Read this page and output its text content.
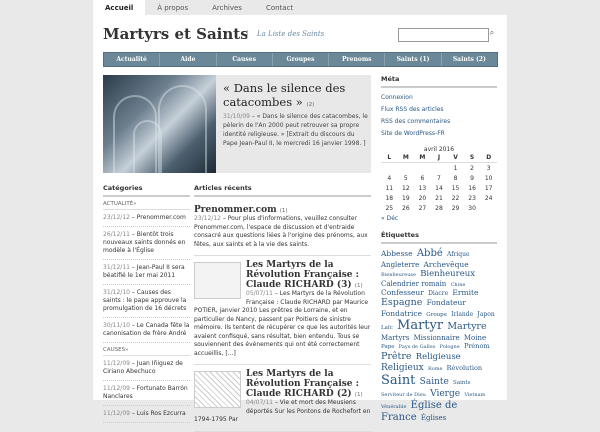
Accueil	À propos	Archives	Contact
Martyrs et Saints	La Liste des Saints	⌕
Actualité	Aide	Causes	Groupes	Prenoms	Saints (1)	Saints (2)
« Dans le silence des catacombes » (2)
31/10/09 – « Dans le silence des catacombes, le pèlerin de l'An 2000 peut retrouver sa propre identité religieuse. » [Extrait du discours du Pape Jean-Paul II, le mercredi 16 janvier 1998. ]
Méta
Connexion
Flux RSS des articles
RSS des commentaires
Site de WordPress-FR
avril 2016
L	M	M	J	V	S	D
				1	2	3
4	5	6	7	8	9	10
11	12	13	14	15	16	17
18	19	20	21	22	23	24
25	26	27	28	29	30	
« Déc
Étiquettes
Abbesse Abbé Afrique Angleterre Archevêque Bienheureuse Bienheureux Calendrier romain Chine Confesseur Diacre Ermite Espagne Fondateur Fondatrice Groupe Irlande Japon Laïc Martyr Martyre Martyrs Missionnaire Moine Pape Pays de Galles Pologne Prénom Prêtre Religieuse Religieux Rome Révolution Saint Sainte Saints Serviteur de Dieu Vierge Vietnam Vénérable Église de France Églises
Catégories
ACTUALITÉ»
23/12/12 – Prenommer.com
26/12/11 – Bientôt trois nouveaux saints donnés en modèle à l'Église
31/12/11 – Jean-Paul II sera béatifié le 1er mai 2011
31/12/10 – Causes des saints : le pape approuve la promulgation de 16 décrets
30/11/10 – Le Canada fête la canonisation de frère André
CAUSES»
11/12/09 – Juan Iñiguez de Ciriano Abechuco
11/12/09 – Fortunato Barrón Nanclares
11/12/09 – Luis Ros Ezcurra
Articles récents
Prenommer.com (1)
23/12/12 – Pour plus d'informations, veuillez consulter Prenommer.com, l'espace de discussion et d'entraide consacré aux questions liées à l'origine des prénoms, aux fêtes, aux saints et à la vie des saints.
Les Martyrs de la Révolution Française : Claude RICHARD (3) (1)
05/07/11 – Les Martyrs de la Révolution Française : Claude RICHARD par Maurice POTIER, janvier 2010 Les prêtres de Lorraine, et en particulier de Nancy, passent par Poitiers de sinistre mémoire. Ils tentent de récupérer ce que les autorités leur avaient confisqué, sans résultat, bien entendu. Tous se souviennent des événements qui ont été correctement accueillis, [...]
Les Martyrs de la Révolution Française : Claude RICHARD (2) (1)
04/07/11 – Vie et mort des Meusiens déportés Sur les Pontons de Rochefort en 1794-1795 Par
